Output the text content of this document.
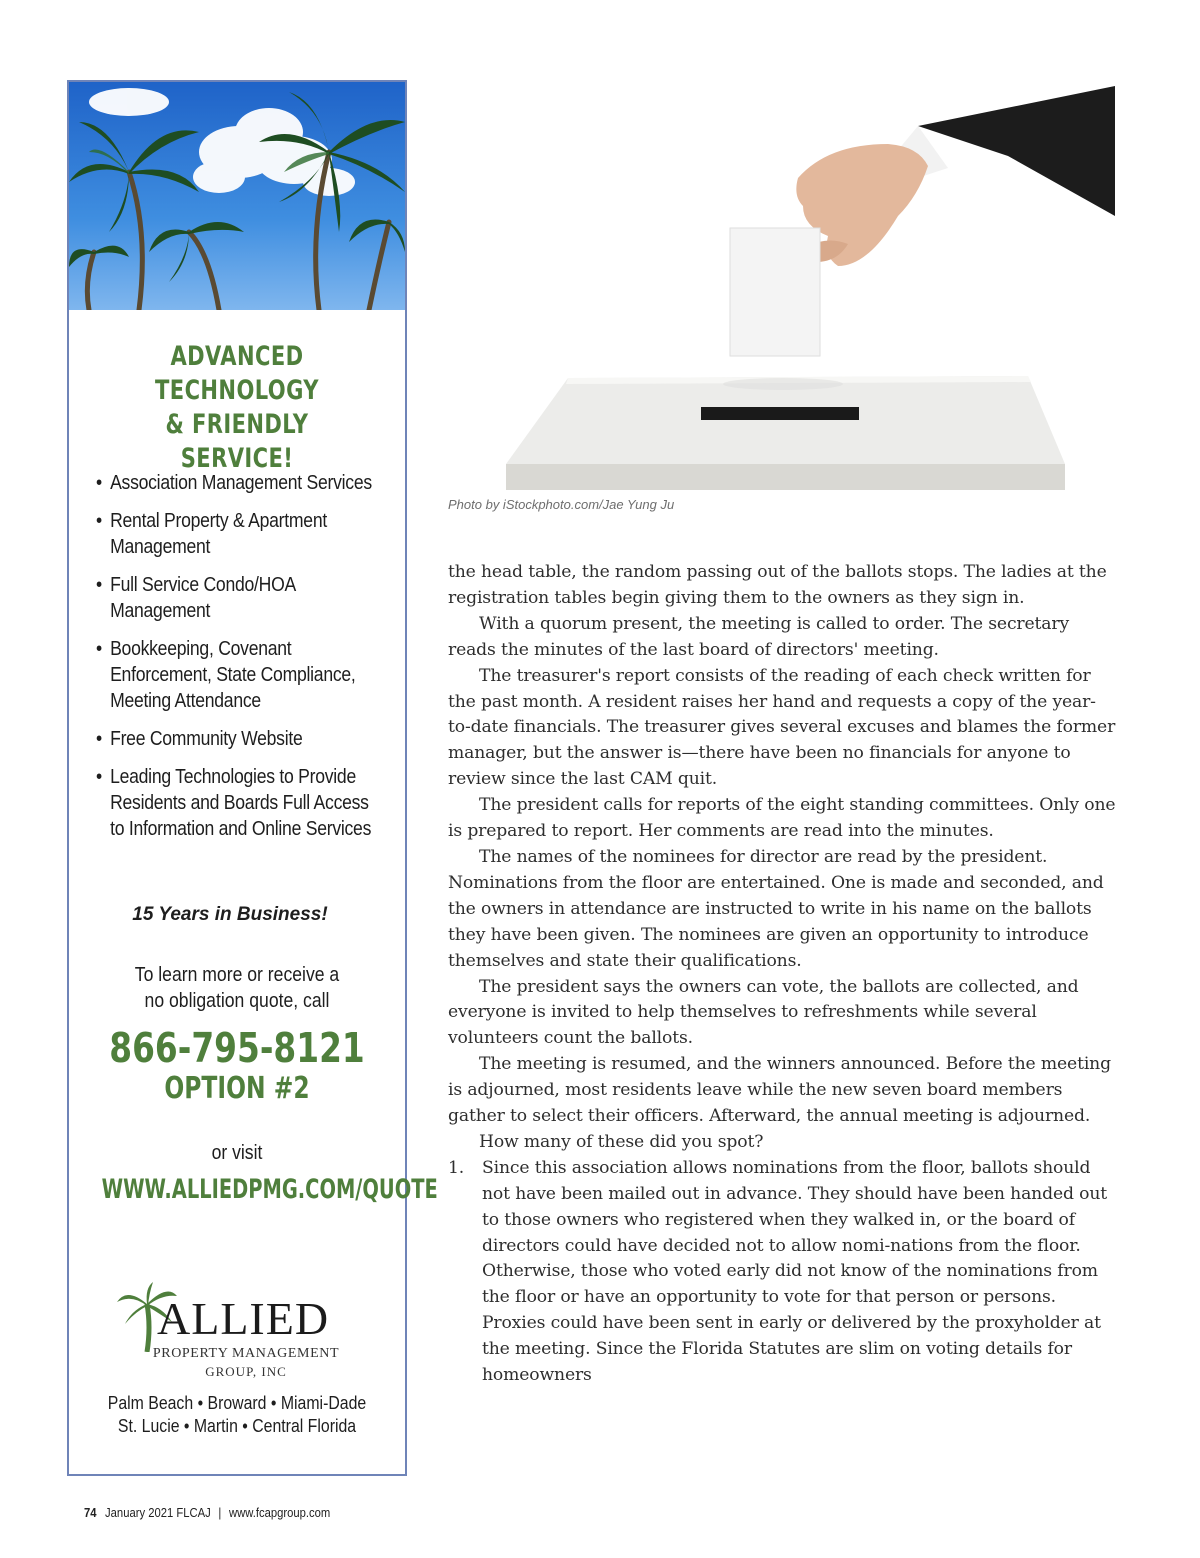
ADVANCED TECHNOLOGY
& FRIENDLY SERVICE!
• Association Management Services
• Rental Property & Apartment Management
• Full Service Condo/HOA Management
• Bookkeeping, Covenant Enforcement, State Compliance, Meeting Attendance
• Free Community Website
• Leading Technologies to Provide Residents and Boards Full Access to Information and Online Services
15 Years in Business!
To learn more or receive a
no obligation quote, call
866-795-8121
OPTION #2
or visit
WWW.ALLIEDPMG.COM/QUOTE
ALLIED
PROPERTY MANAGEMENT
GROUP, INC
Palm Beach • Broward • Miami-Dade
St. Lucie • Martin • Central Florida
Photo by iStockphoto.com/Jae Yung Ju

the head table, the random passing out of the ballots stops. The ladies at the registration tables begin giving them to the owners as they sign in.

With a quorum present, the meeting is called to order. The secretary reads the minutes of the last board of directors' meeting.

The treasurer's report consists of the reading of each check written for the past month. A resident raises her hand and requests a copy of the year-to-date financials. The treasurer gives several excuses and blames the former manager, but the answer is—there have been no financials for anyone to review since the last CAM quit.

The president calls for reports of the eight standing committees. Only one is prepared to report. Her comments are read into the minutes.

The names of the nominees for director are read by the president. Nominations from the floor are entertained. One is made and seconded, and the owners in attendance are instructed to write in his name on the ballots they have been given. The nominees are given an opportunity to introduce themselves and state their qualifications.

The president says the owners can vote, the ballots are collected, and everyone is invited to help themselves to refreshments while several volunteers count the ballots.

The meeting is resumed, and the winners announced. Before the meeting is adjourned, most residents leave while the new seven board members gather to select their officers. Afterward, the annual meeting is adjourned.

How many of these did you spot?

1. Since this association allows nominations from the floor, ballots should not have been mailed out in advance. They should have been handed out to those owners who registered when they walked in, or the board of directors could have decided not to allow nomi-nations from the floor. Otherwise, those who voted early did not know of the nominations from the floor or have an opportunity to vote for that person or persons. Proxies could have been sent in early or delivered by the proxyholder at the meeting. Since the Florida Statutes are slim on voting details for homeowners
74 January 2021 FLCAJ | www.fcapgroup.com
